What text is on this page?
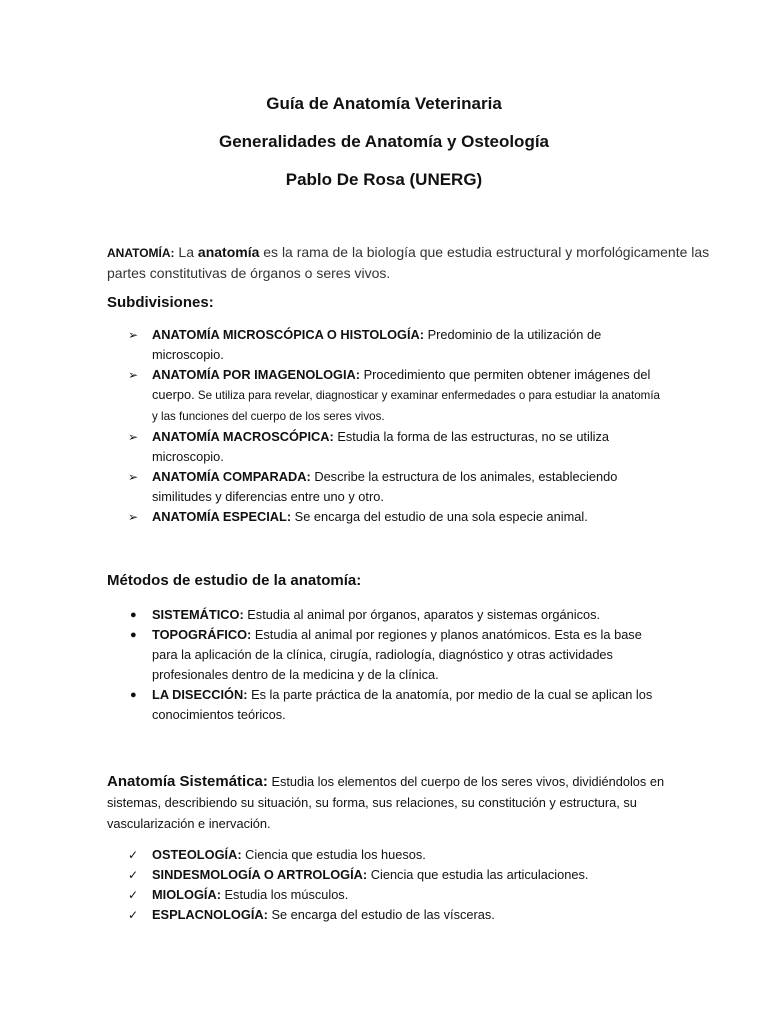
Guía de Anatomía Veterinaria
Generalidades de Anatomía y Osteología
Pablo De Rosa (UNERG)

ANATOMÍA: La anatomía es la rama de la biología que estudia estructural y morfológicamente las partes constitutivas de órganos o seres vivos.

Subdivisiones:
➢ ANATOMÍA MICROSCÓPICA O HISTOLOGÍA: Predominio de la utilización de microscopio.
➢ ANATOMÍA POR IMAGENOLOGIA: Procedimiento que permiten obtener imágenes del cuerpo. Se utiliza para revelar, diagnosticar y examinar enfermedades o para estudiar la anatomía y las funciones del cuerpo de los seres vivos.
➢ ANATOMÍA MACROSCÓPICA: Estudia la forma de las estructuras, no se utiliza microscopio.
➢ ANATOMÍA COMPARADA: Describe la estructura de los animales, estableciendo similitudes y diferencias entre uno y otro.
➢ ANATOMÍA ESPECIAL: Se encarga del estudio de una sola especie animal.
Métodos de estudio de la anatomía:
● SISTEMÁTICO: Estudia al animal por órganos, aparatos y sistemas orgánicos.
● TOPOGRÁFICO: Estudia al animal por regiones y planos anatómicos. Esta es la base para la aplicación de la clínica, cirugía, radiología, diagnóstico y otras actividades profesionales dentro de la medicina y de la clínica.
● LA DISECCIÓN: Es la parte práctica de la anatomía, por medio de la cual se aplican los conocimientos teóricos.

Anatomía Sistemática: Estudia los elementos del cuerpo de los seres vivos, dividiéndolos en sistemas, describiendo su situación, su forma, sus relaciones, su constitución y estructura, su vascularización e inervación.

✓ OSTEOLOGÍA: Ciencia que estudia los huesos.
✓ SINDESMOLOGÍA O ARTROLOGÍA: Ciencia que estudia las articulaciones.
✓ MIOLOGÍA: Estudia los músculos.
✓ ESPLACNOLOGÍA: Se encarga del estudio de las vísceras.
